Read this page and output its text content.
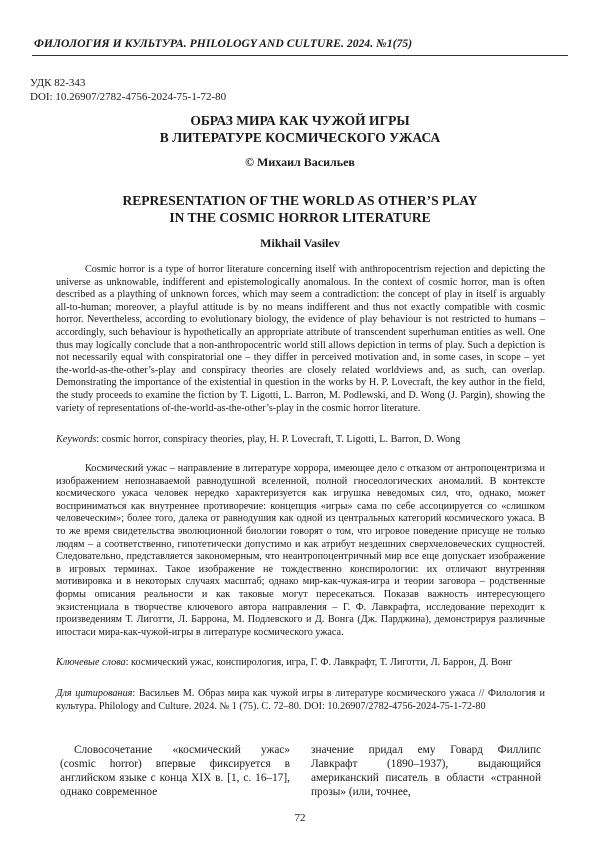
ФИЛОЛОГИЯ И КУЛЬТУРА. PHILOLOGY AND CULTURE. 2024. №1(75)
УДК 82-343
DOI: 10.26907/2782-4756-2024-75-1-72-80
ОБРАЗ МИРА КАК ЧУЖОЙ ИГРЫ
В ЛИТЕРАТУРЕ КОСМИЧЕСКОГО УЖАСА
© Михаил Васильев
REPRESENTATION OF THE WORLD AS OTHER’S PLAY
IN THE COSMIC HORROR LITERATURE
Mikhail Vasilev

Cosmic horror is a type of horror literature concerning itself with anthropocentrism rejection and depicting the universe as unknowable, indifferent and epistemologically anomalous. In the context of cosmic horror, man is often described as a plaything of unknown forces, which may seem a contradiction: the concept of play in itself is arguably all-to-human; moreover, a playful attitude is by no means indifferent and thus not exactly compatible with cosmic horror. Nevertheless, according to evolutionary biology, the evidence of play behaviour is not restricted to humans – accordingly, such behaviour is hypothetically an appropriate attribute of transcendent superhuman entities as well. One thus may logically conclude that a non-anthropocentric world still allows depiction in terms of play. Such a depiction is not necessarily equal with conspiratorial one – they differ in perceived motivation and, in some cases, in scope – yet the-world-as-the-other’s-play and conspiracy theories are closely related worldviews and, as such, can overlap. Demonstrating the importance of the existential in question in the works by H. P. Lovecraft, the key author in the field, the study proceeds to examine the fiction by T. Ligotti, L. Barron, M. Podlewski, and D. Wong (J. Pargin), showing the variety of representations of-the-world-as-the-other’s-play in the cosmic horror literature.

Keywords: cosmic horror, conspiracy theories, play, H. P. Lovecraft, T. Ligotti, L. Barron, D. Wong

Космический ужас – направление в литературе хоррора, имеющее дело с отказом от антропоцентризма и изображением непознаваемой равнодушной вселенной, полной гносеологических аномалий. В контексте космического ужаса человек нередко характеризуется как игрушка неведомых сил, что, однако, может восприниматься как внутреннее противоречие: концепция «игры» сама по себе ассоциируется со «слишком человеческим»; более того, далека от равнодушия как одной из центральных категорий космического ужаса. В то же время свидетельства эволюционной биологии говорят о том, что игровое поведение присуще не только людям – а соответственно, гипотетически допустимо и как атрибут нездешних сверхчеловеческих сущностей. Следовательно, представляется закономерным, что неантропоцентричный мир все еще допускает изображение в игровых терминах. Такое изображение не тождественно конспирологии: их отличают внутренняя мотивировка и в некоторых случаях масштаб; однако мир-как-чужая-игра и теории заговора – родственные формы описания реальности и как таковые могут пересекаться. Показав важность интересующего экзистенциала в творчестве ключевого автора направления – Г. Ф. Лавкрафта, исследование переходит к произведениям Т. Лиготти, Л. Баррона, М. Подлевского и Д. Вонга (Дж. Парджина), демонстрируя различные ипостаси мира-как-чужой-игры в литературе космического ужаса.

Ключевые слова: космический ужас, конспирология, игра, Г. Ф. Лавкрафт, Т. Лиготти, Л. Баррон, Д. Вонг

Для цитирования: Васильев М. Образ мира как чужой игры в литературе космического ужаса // Филология и культура. Philology and Culture. 2024. № 1 (75). С. 72–80. DOI: 10.26907/2782-4756-2024-75-1-72-80

Словосочетание «космический ужас» (cosmic horror) впервые фиксируется в английском языке с конца XIX в. [1, с. 16–17], однако современное

значение придал ему Говард Филлипс Лавкрафт (1890–1937), выдающийся американский писатель в области «странной прозы» (или, точнее,

72
